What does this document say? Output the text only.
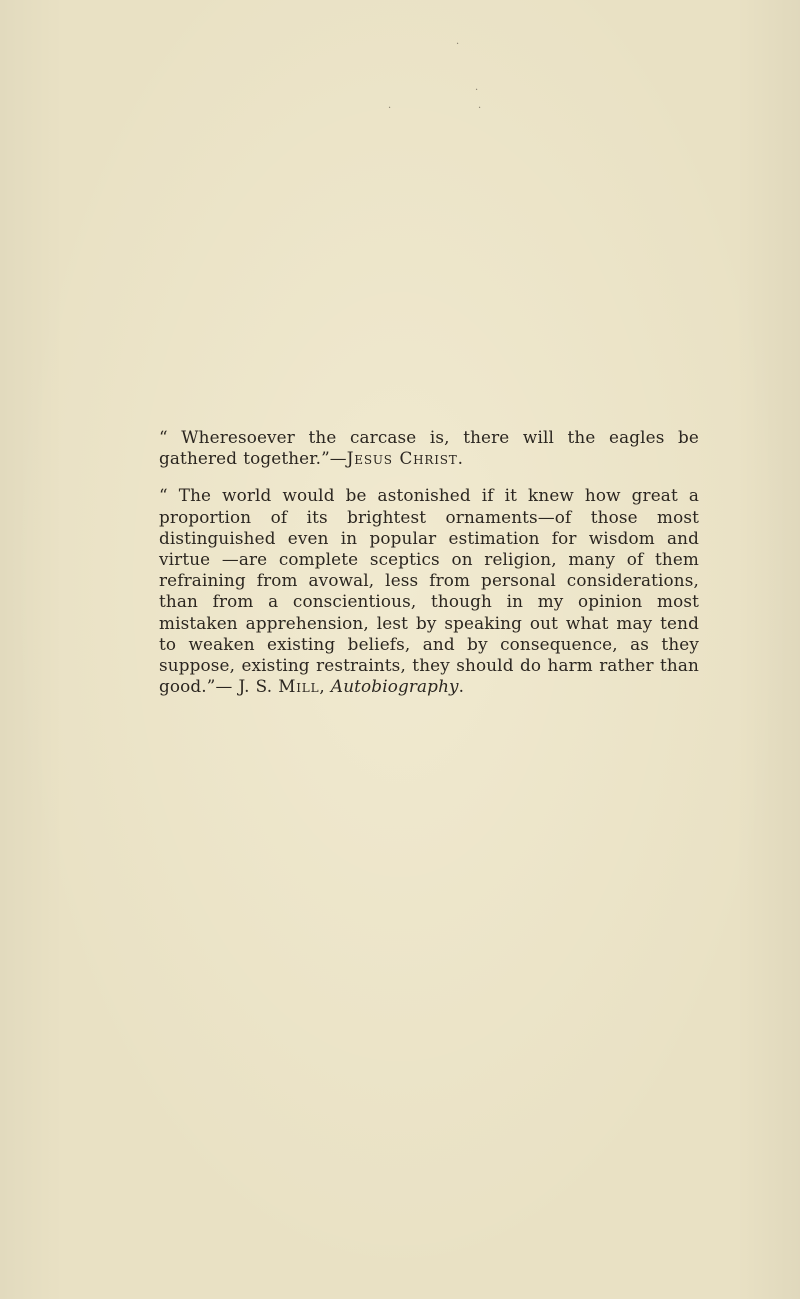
·
·
·	·

“ Wheresoever the carcase is, there will the eagles be gathered together.”—Jesus Christ.

“ The world would be astonished if it knew how great a proportion of its brightest ornaments—of those most distinguished even in popular estimation for wisdom and virtue —are complete sceptics on religion, many of them refraining from avowal, less from personal considerations, than from a conscientious, though in my opinion most mistaken apprehension, lest by speaking out what may tend to weaken existing beliefs, and by consequence, as they suppose, existing restraints, they should do harm rather than good.”— J. S. Mill, Autobiography.
